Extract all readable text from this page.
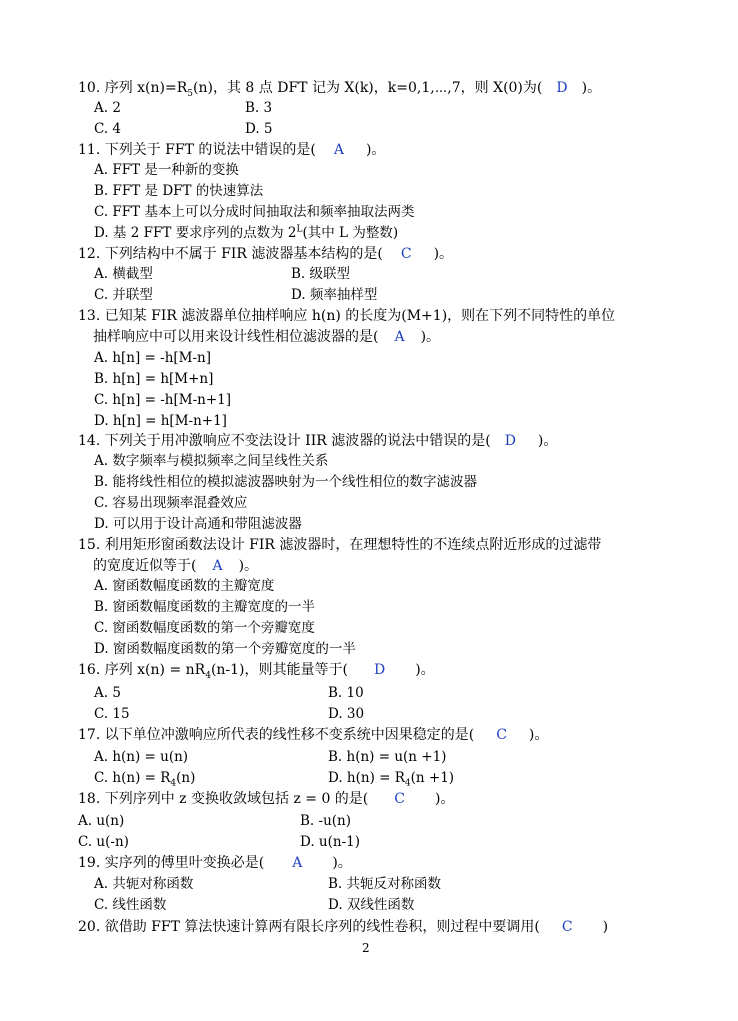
10. 序列 $x(n)=R_5(n)$，其 8 点 DFT 记为 X(k)，k=0,1,⋯,7，则 X(0)为( D )。
A. 2	B. 3
C. 4	D. 5
11. 下列关于 FFT 的说法中错误的是( A )。
A. FFT 是一种新的变换
B. FFT 是 DFT 的快速算法
C. FFT 基本上可以分成时间抽取法和频率抽取法两类
D. 基 2 FFT 要求序列的点数为 $2^L$(其中 L 为整数)
12. 下列结构中不属于 FIR 滤波器基本结构的是( C )。
A. 横截型	B. 级联型
C. 并联型	D. 频率抽样型
13. 已知某 FIR 滤波器单位抽样响应 h(n) 的长度为(M+1)，则在下列不同特性的单位
抽样响应中可以用来设计线性相位滤波器的是( A )。
A. h[n] = -h[M-n]
B. h[n] = h[M+n]
C. h[n] = -h[M-n+1]
D. h[n] = h[M-n+1]
14. 下列关于用冲激响应不变法设计 IIR 滤波器的说法中错误的是( D )。
A. 数字频率与模拟频率之间呈线性关系
B. 能将线性相位的模拟滤波器映射为一个线性相位的数字滤波器
C. 容易出现频率混叠效应
D. 可以用于设计高通和带阻滤波器
15. 利用矩形窗函数法设计 FIR 滤波器时，在理想特性的不连续点附近形成的过滤带
的宽度近似等于( A )。
A. 窗函数幅度函数的主瓣宽度
B. 窗函数幅度函数的主瓣宽度的一半
C. 窗函数幅度函数的第一个旁瓣宽度
D. 窗函数幅度函数的第一个旁瓣宽度的一半
16. 序列 $x(n) = nR_4(n-1)$，则其能量等于( D )。
A. 5	B. 10
C. 15	D. 30
17. 以下单位冲激响应所代表的线性移不变系统中因果稳定的是( C )。
A. h(n) = u(n)	B. h(n) = u(n +1)
C. $h(n) = R_4(n)$	D. $h(n) = R_4(n +1)$
18. 下列序列中 z 变换收敛域包括 z = 0 的是( C )。
A. u(n)	B. -u(n)
C. u(-n)	D. u(n-1)
19. 实序列的傅里叶变换必是( A )。
A. 共轭对称函数	B. 共轭反对称函数
C. 线性函数	D. 双线性函数
20. 欲借助 FFT 算法快速计算两有限长序列的线性卷积，则过程中要调用( C )
2
